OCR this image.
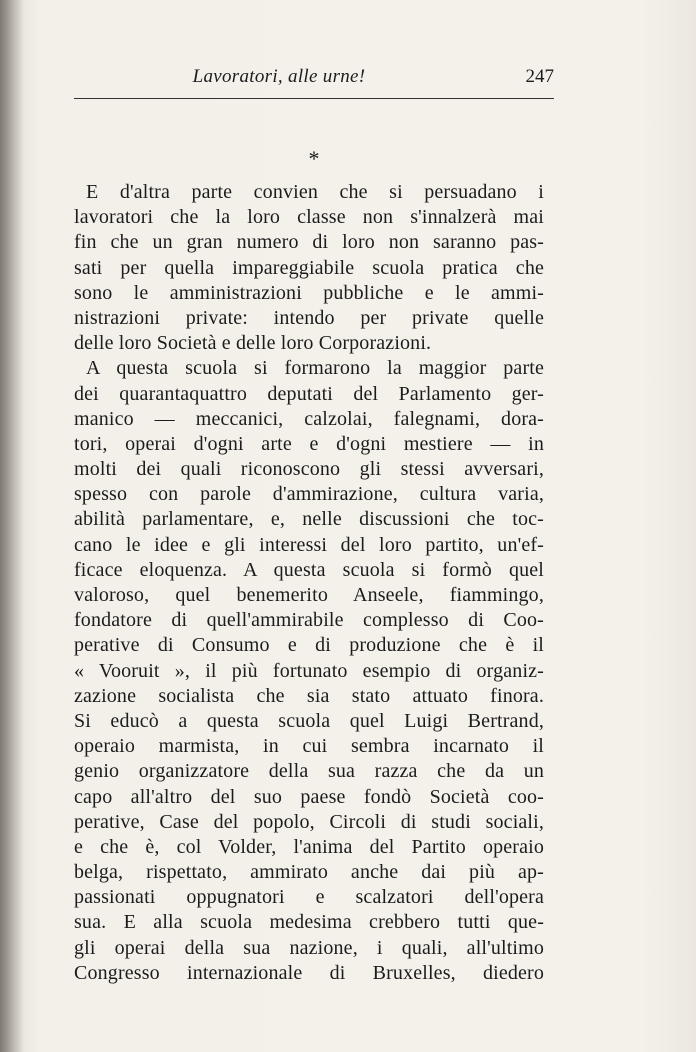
Lavoratori, alle urne!	247
*
E d'altra parte convien che si persuadano i
lavoratori che la loro classe non s'innalzerà mai
fin che un gran numero di loro non saranno pas-
sati per quella impareggiabile scuola pratica che
sono le amministrazioni pubbliche e le ammi-
nistrazioni private: intendo per private quelle
delle loro Società e delle loro Corporazioni.
A questa scuola si formarono la maggior parte
dei quarantaquattro deputati del Parlamento ger-
manico — meccanici, calzolai, falegnami, dora-
tori, operai d'ogni arte e d'ogni mestiere — in
molti dei quali riconoscono gli stessi avversari,
spesso con parole d'ammirazione, cultura varia,
abilità parlamentare, e, nelle discussioni che toc-
cano le idee e gli interessi del loro partito, un'ef-
ficace eloquenza. A questa scuola si formò quel
valoroso, quel benemerito Anseele, fiammingo,
fondatore di quell'ammirabile complesso di Coo-
perative di Consumo e di produzione che è il
« Vooruit », il più fortunato esempio di organiz-
zazione socialista che sia stato attuato finora.
Si educò a questa scuola quel Luigi Bertrand,
operaio marmista, in cui sembra incarnato il
genio organizzatore della sua razza che da un
capo all'altro del suo paese fondò Società coo-
perative, Case del popolo, Circoli di studi sociali,
e che è, col Volder, l'anima del Partito operaio
belga, rispettato, ammirato anche dai più ap-
passionati oppugnatori e scalzatori dell'opera
sua. E alla scuola medesima crebbero tutti que-
gli operai della sua nazione, i quali, all'ultimo
Congresso internazionale di Bruxelles, diedero
